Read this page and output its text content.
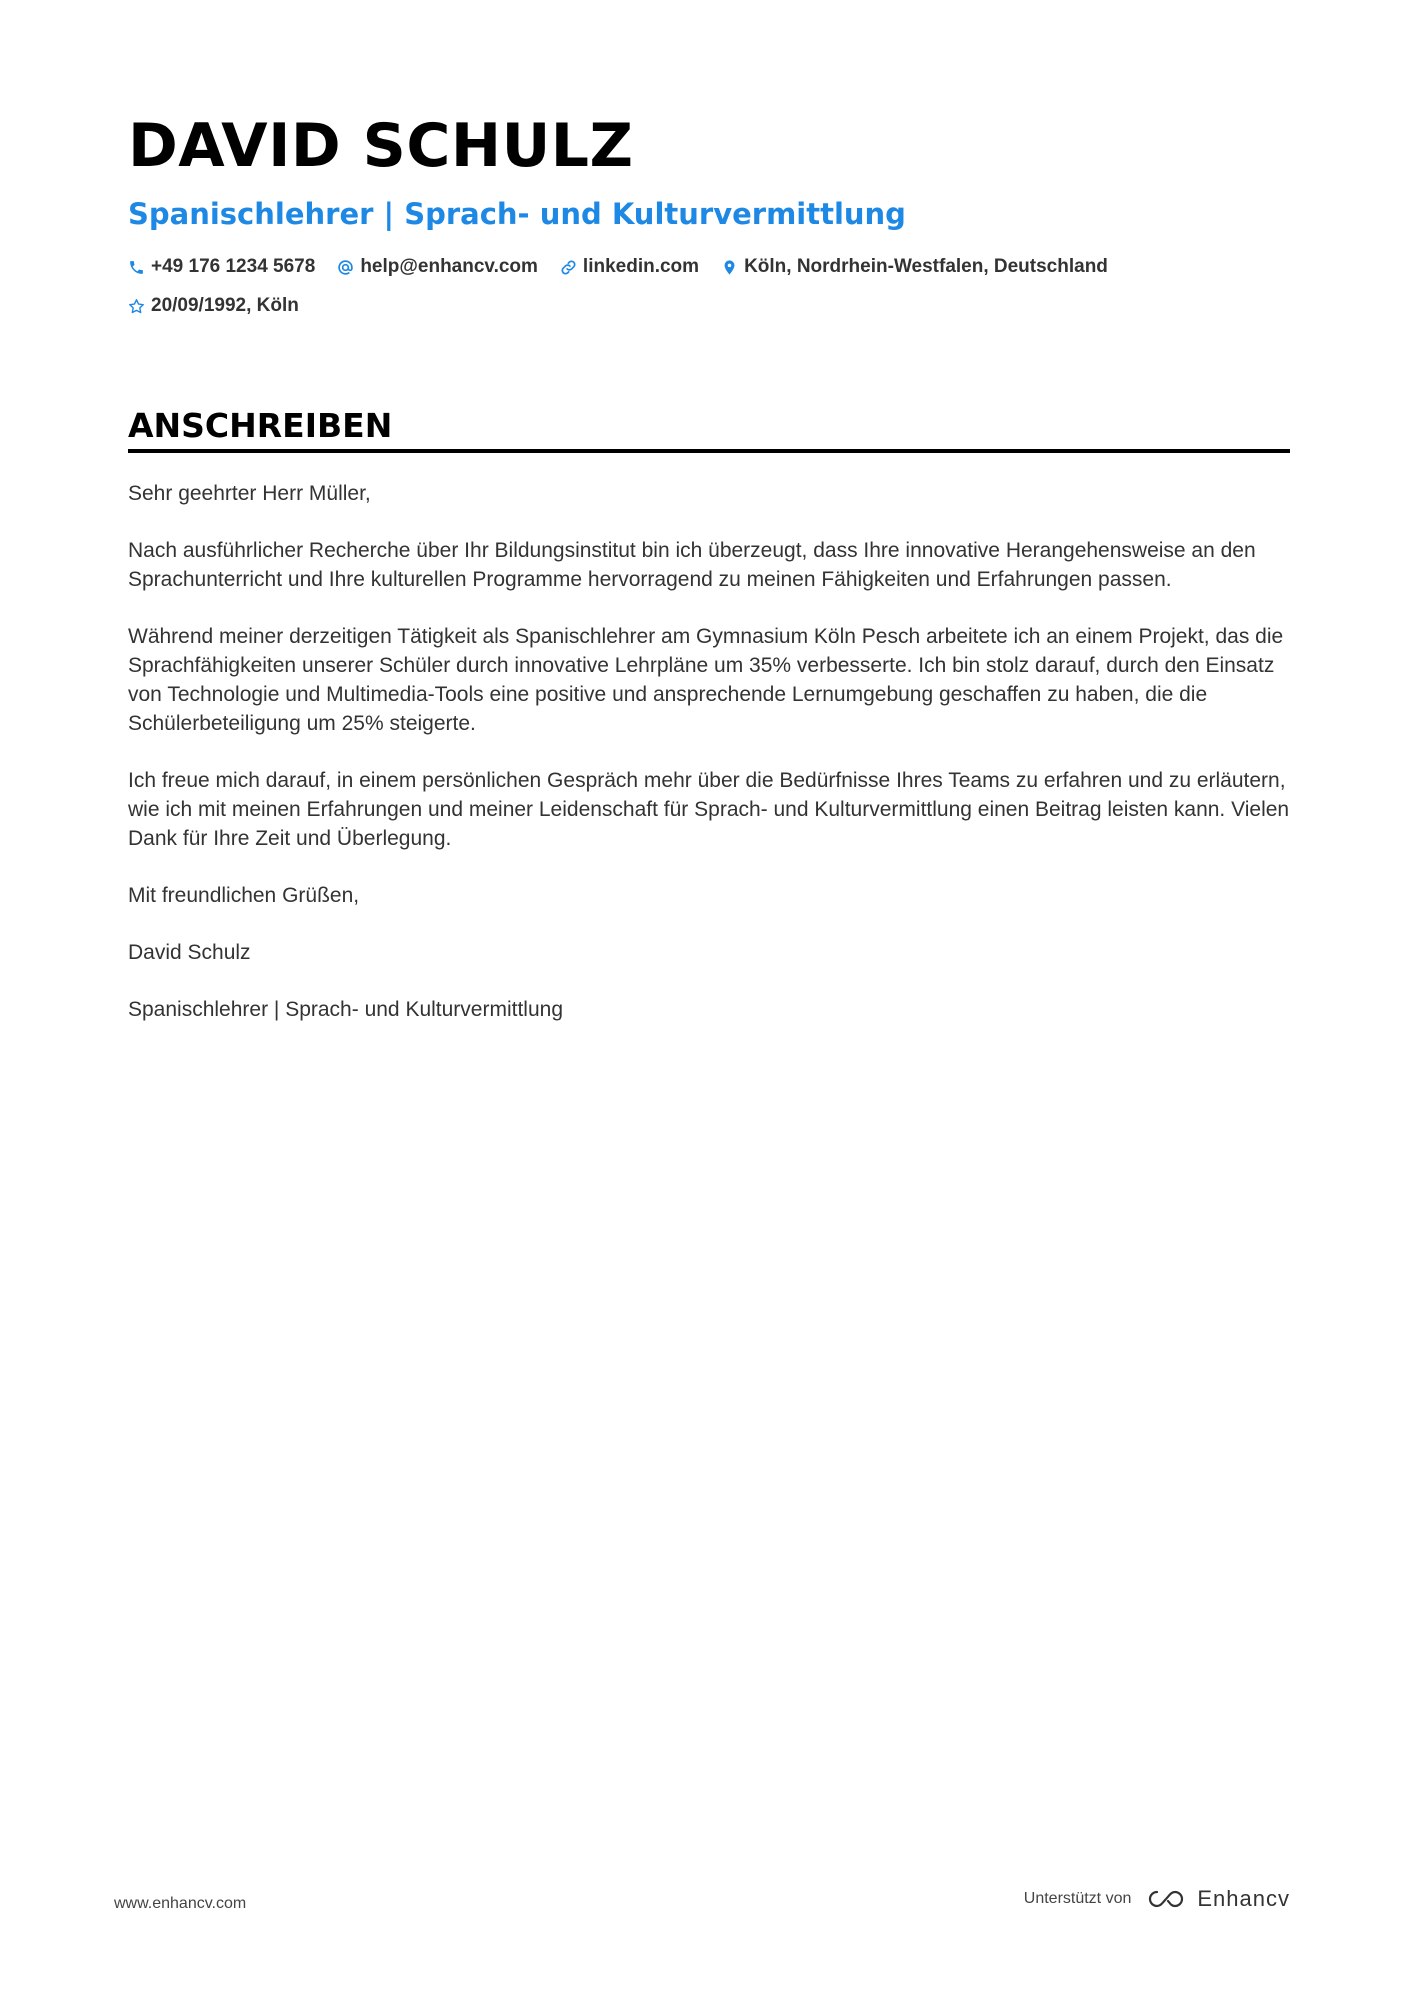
DAVID SCHULZ
Spanischlehrer | Sprach- und Kulturvermittlung
+49 176 1234 5678 help@enhancv.com linkedin.com Köln, Nordrhein-Westfalen, Deutschland
20/09/1992, Köln
ANSCHREIBEN

Sehr geehrter Herr Müller,

Nach ausführlicher Recherche über Ihr Bildungsinstitut bin ich überzeugt, dass Ihre innovative Herangehensweise an den Sprachunterricht und Ihre kulturellen Programme hervorragend zu meinen Fähigkeiten und Erfahrungen passen.

Während meiner derzeitigen Tätigkeit als Spanischlehrer am Gymnasium Köln Pesch arbeitete ich an einem Projekt, das die Sprachfähigkeiten unserer Schüler durch innovative Lehrpläne um 35% verbesserte. Ich bin stolz darauf, durch den Einsatz von Technologie und Multimedia-Tools eine positive und ansprechende Lernumgebung geschaffen zu haben, die die Schülerbeteiligung um 25% steigerte.

Ich freue mich darauf, in einem persönlichen Gespräch mehr über die Bedürfnisse Ihres Teams zu erfahren und zu erläutern, wie ich mit meinen Erfahrungen und meiner Leidenschaft für Sprach- und Kulturvermittlung einen Beitrag leisten kann. Vielen Dank für Ihre Zeit und Überlegung.

Mit freundlichen Grüßen,

David Schulz

Spanischlehrer | Sprach- und Kulturvermittlung

www.enhancv.com	Unterstützt von	Enhancv
